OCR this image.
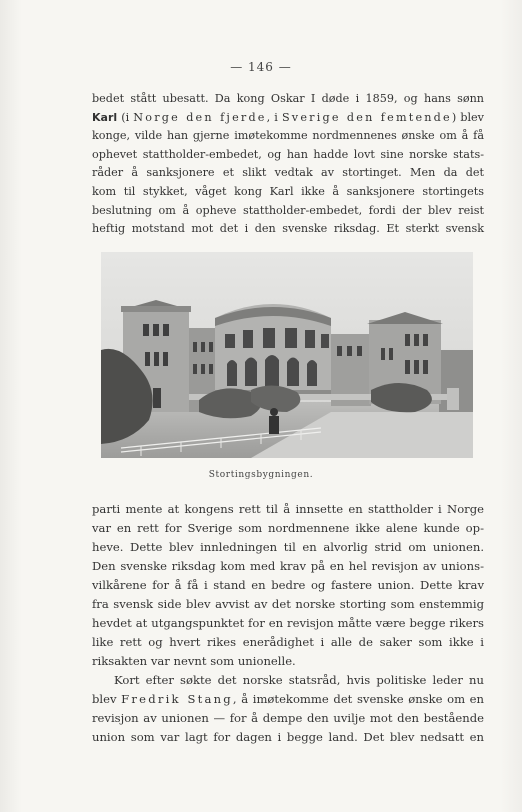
— 146 —
bedet stått ubesatt. Da kong Oskar I døde i 1859, og hans sønn
Karl (i Norge den fjerde, i Sverige den femtende) blev
konge, vilde han gjerne imøtekomme nordmennenes ønske om å få
ophevet stattholder-embedet, og han hadde lovt sine norske stats-
råder å sanksjonere et slikt vedtak av stortinget. Men da det
kom til stykket, våget kong Karl ikke å sanksjonere stortingets
beslutning om å opheve stattholder-embedet, fordi der blev reist
heftig motstand mot det i den svenske riksdag. Et sterkt svensk
Stortingsbygningen.
parti mente at kongens rett til å innsette en stattholder i Norge
var en rett for Sverige som nordmennene ikke alene kunde op-
heve. Dette blev innledningen til en alvorlig strid om unionen.
Den svenske riksdag kom med krav på en hel revisjon av unions-
vilkårene for å få i stand en bedre og fastere union. Dette krav
fra svensk side blev avvist av det norske storting som enstemmig
hevdet at utgangspunktet for en revisjon måtte være begge rikers
like rett og hvert rikes enerådighet i alle de saker som ikke i
riksakten var nevnt som unionelle.
Kort efter søkte det norske statsråd, hvis politiske leder nu
blev Fredrik Stang, å imøtekomme det svenske ønske om en
revisjon av unionen — for å dempe den uvilje mot den bestående
union som var lagt for dagen i begge land. Det blev nedsatt en
